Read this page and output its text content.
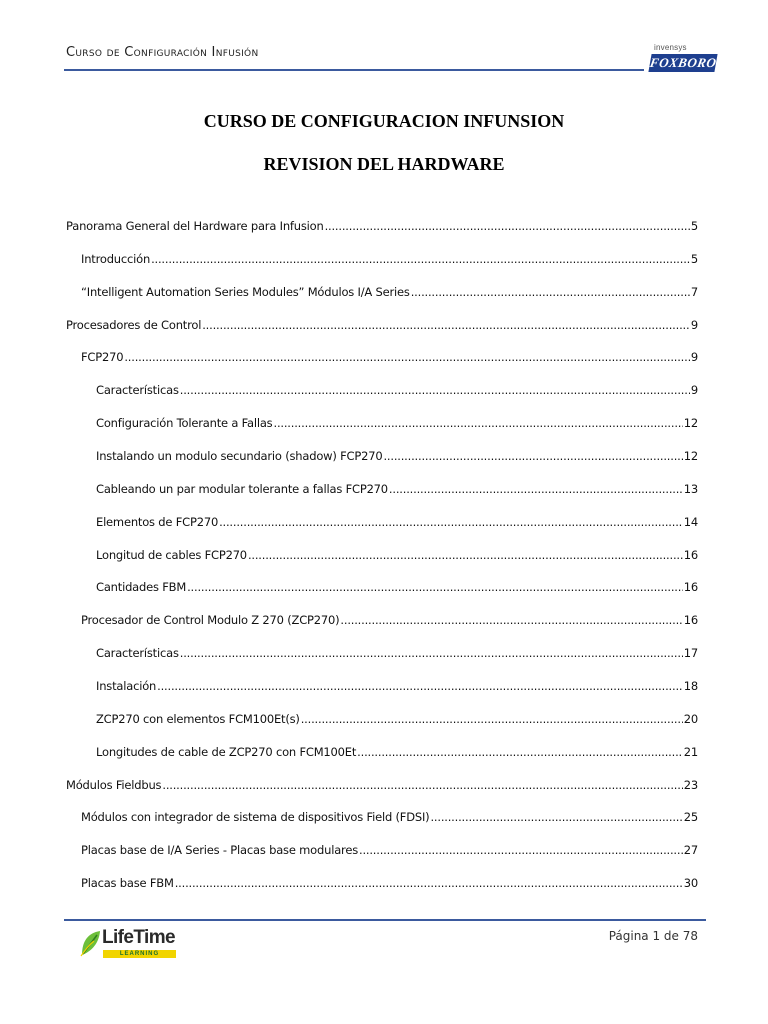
Curso de Configuración Infusión	invensys
FOXBORO
CURSO DE CONFIGURACION INFUNSION
REVISION DEL HARDWARE
Panorama General del Hardware para Infusion .....	5
Introducción .....	5
“Intelligent Automation Series Modules” Módulos I/A Series .....	7
Procesadores de Control .....	9
FCP270 .....	9
Características .....	9
Configuración Tolerante a Fallas .....	12
Instalando un modulo secundario (shadow) FCP270 .....	12
Cableando un par modular tolerante a fallas FCP270 .....	13
Elementos de FCP270 .....	14
Longitud de cables FCP270 .....	16
Cantidades FBM .....	16
Procesador de Control Modulo Z 270 (ZCP270) .....	16
Características .....	17
Instalación .....	18
ZCP270 con elementos FCM100Et(s) .....	20
Longitudes de cable de ZCP270 con FCM100Et .....	21
Módulos Fieldbus .....	23
Módulos con integrador de sistema de dispositivos Field (FDSI) .....	25
Placas base de I/A Series - Placas base modulares .....	27
Placas base FBM .....	30
LifeTime
LEARNING
Página 1 de 78
